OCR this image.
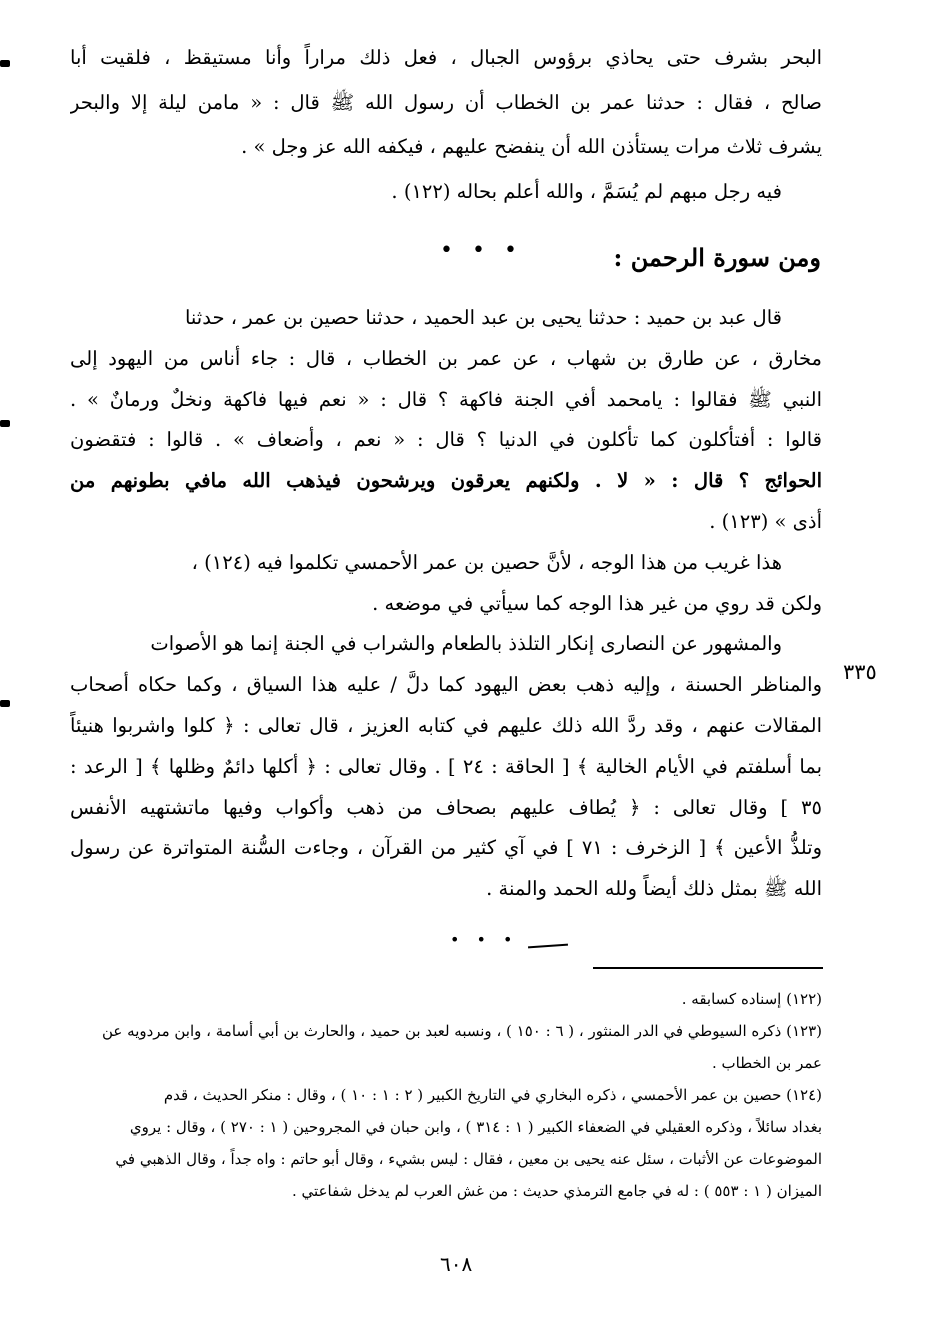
البحر بشرف حتى يحاذي برؤوس الجبال ، فعل ذلك مراراً وأنا مستيقظ ، فلقيت أبا
صالح ، فقال : حدثنا عمر بن الخطاب أن رسول الله ﷺ قال : « مامن ليلة إلا والبحر
يشرف ثلاث مرات يستأذن الله أن ينفضح عليهم ، فيكفه الله عز وجل » .
فيه رجل مبهم لم يُسَمَّ ، والله أعلم بحاله (١٢٢) .
• • •	ومن سورة الرحمن :
قال عبد بن حميد : حدثنا يحيى بن عبد الحميد ، حدثنا حصين بن عمر ، حدثنا
مخارق ، عن طارق بن شهاب ، عن عمر بن الخطاب ، قال : جاء أناس من اليهود إلى
النبي ﷺ فقالوا : يامحمد أفي الجنة فاكهة ؟ قال : « نعم فيها فاكهة ونخلٌ ورمانٌ » .
قالوا : أفتأكلون كما تأكلون في الدنيا ؟ قال : « نعم ، وأضعاف » . قالوا : فتقضون
الحوائج ؟ قال : « لا . ولكنهم يعرقون ويرشحون فيذهب الله مافي بطونهم من
أذى » (١٢٣) .
هذا غريب من هذا الوجه ، لأنَّ حصين بن عمر الأحمسي تكلموا فيه (١٢٤) ،
ولكن قد روي من غير هذا الوجه كما سيأتي في موضعه .
والمشهور عن النصارى إنكار التلذذ بالطعام والشراب في الجنة إنما هو الأصوات
والمناظر الحسنة ، وإليه ذهب بعض اليهود كما دلَّ / عليه هذا السياق ، وكما حكاه أصحاب
المقالات عنهم ، وقد ردَّ الله ذلك عليهم في كتابه العزيز ، قال تعالى : ﴿ كلوا واشربوا هنيئاً
بما أسلفتم في الأيام الخالية ﴾ [ الحاقة : ٢٤ ] . وقال تعالى : ﴿ أكلها دائمٌ وظلها ﴾ [ الرعد :
٣٥ ] وقال تعالى : ﴿ يُطاف عليهم بصحاف من ذهب وأكواب وفيها ماتشتهيه الأنفس
وتلذُّ الأعين ﴾ [ الزخرف : ٧١ ] في آي كثير من القرآن ، وجاءت السُّنة المتواترة عن رسول
الله ﷺ بمثل ذلك أيضاً ولله الحمد والمنة .
٣٣٥
• • •
(١٢٢) إسناده كسابقه .
(١٢٣) ذكره السيوطي في الدر المنثور ، ( ٦ : ١٥٠ ) ، ونسبه لعبد بن حميد ، والحارث بن أبي أسامة ، وابن مردويه عن
عمر بن الخطاب .
(١٢٤) حصين بن عمر الأحمسي ، ذكره البخاري في التاريخ الكبير ( ٢ : ١ : ١٠ ) ، وقال : منكر الحديث ، قدم
بغداد سائلاً ، وذكره العقيلي في الضعفاء الكبير ( ١ : ٣١٤ ) ، وابن حبان في المجروحين ( ١ : ٢٧٠ ) ، وقال : يروي
الموضوعات عن الأثبات ، سئل عنه يحيى بن معين ، فقال : ليس بشيء ، وقال أبو حاتم : واه جداً ، وقال الذهبي في
الميزان ( ١ : ٥٥٣ ) : له في جامع الترمذي حديث : من غش العرب لم يدخل شفاعتي .
٦٠٨
